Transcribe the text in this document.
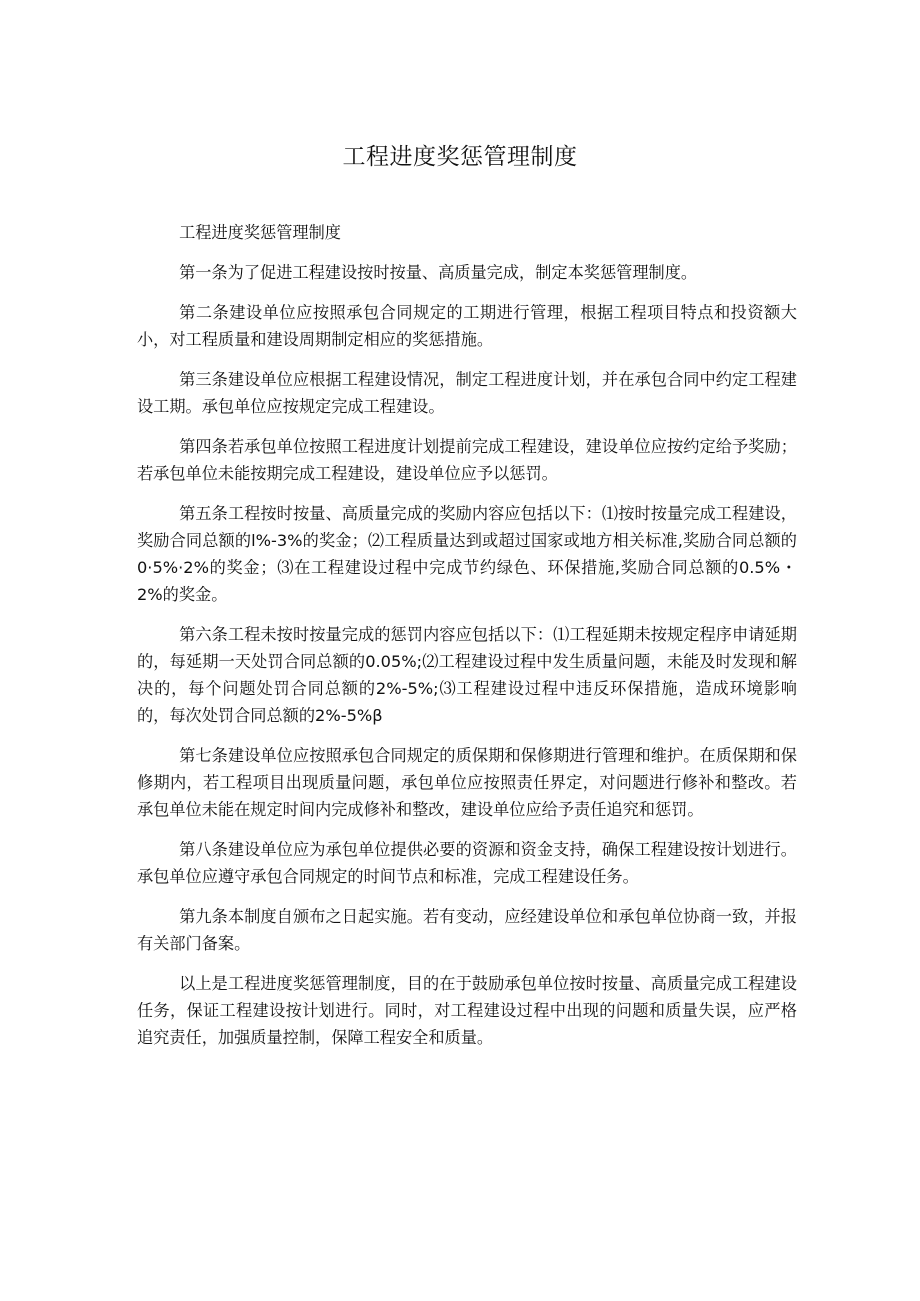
工程进度奖惩管理制度

工程进度奖惩管理制度

第一条为了促进工程建设按时按量、高质量完成，制定本奖惩管理制度。

第二条建设单位应按照承包合同规定的工期进行管理，根据工程项目特点和投资额大小，对工程质量和建设周期制定相应的奖惩措施。

第三条建设单位应根据工程建设情况，制定工程进度计划，并在承包合同中约定工程建设工期。承包单位应按规定完成工程建设。

第四条若承包单位按照工程进度计划提前完成工程建设，建设单位应按约定给予奖励；若承包单位未能按期完成工程建设，建设单位应予以惩罚。

第五条工程按时按量、高质量完成的奖励内容应包括以下：⑴按时按量完成工程建设，奖励合同总额的l%-3%的奖金；⑵工程质量达到或超过国家或地方相关标准,奖励合同总额的0·5%·2%的奖金；⑶在工程建设过程中完成节约绿色、环保措施,奖励合同总额的0.5%・2%的奖金。

第六条工程未按时按量完成的惩罚内容应包括以下：⑴工程延期未按规定程序申请延期的，每延期一天处罚合同总额的0.05%;⑵工程建设过程中发生质量问题，未能及时发现和解决的，每个问题处罚合同总额的2%-5%;⑶工程建设过程中违反环保措施，造成环境影响的，每次处罚合同总额的2%-5%β

第七条建设单位应按照承包合同规定的质保期和保修期进行管理和维护。在质保期和保修期内，若工程项目出现质量问题，承包单位应按照责任界定，对问题进行修补和整改。若承包单位未能在规定时间内完成修补和整改，建设单位应给予责任追究和惩罚。

第八条建设单位应为承包单位提供必要的资源和资金支持，确保工程建设按计划进行。承包单位应遵守承包合同规定的时间节点和标准，完成工程建设任务。

第九条本制度自颁布之日起实施。若有变动，应经建设单位和承包单位协商一致，并报有关部门备案。

以上是工程进度奖惩管理制度，目的在于鼓励承包单位按时按量、高质量完成工程建设任务，保证工程建设按计划进行。同时，对工程建设过程中出现的问题和质量失误，应严格追究责任，加强质量控制，保障工程安全和质量。
